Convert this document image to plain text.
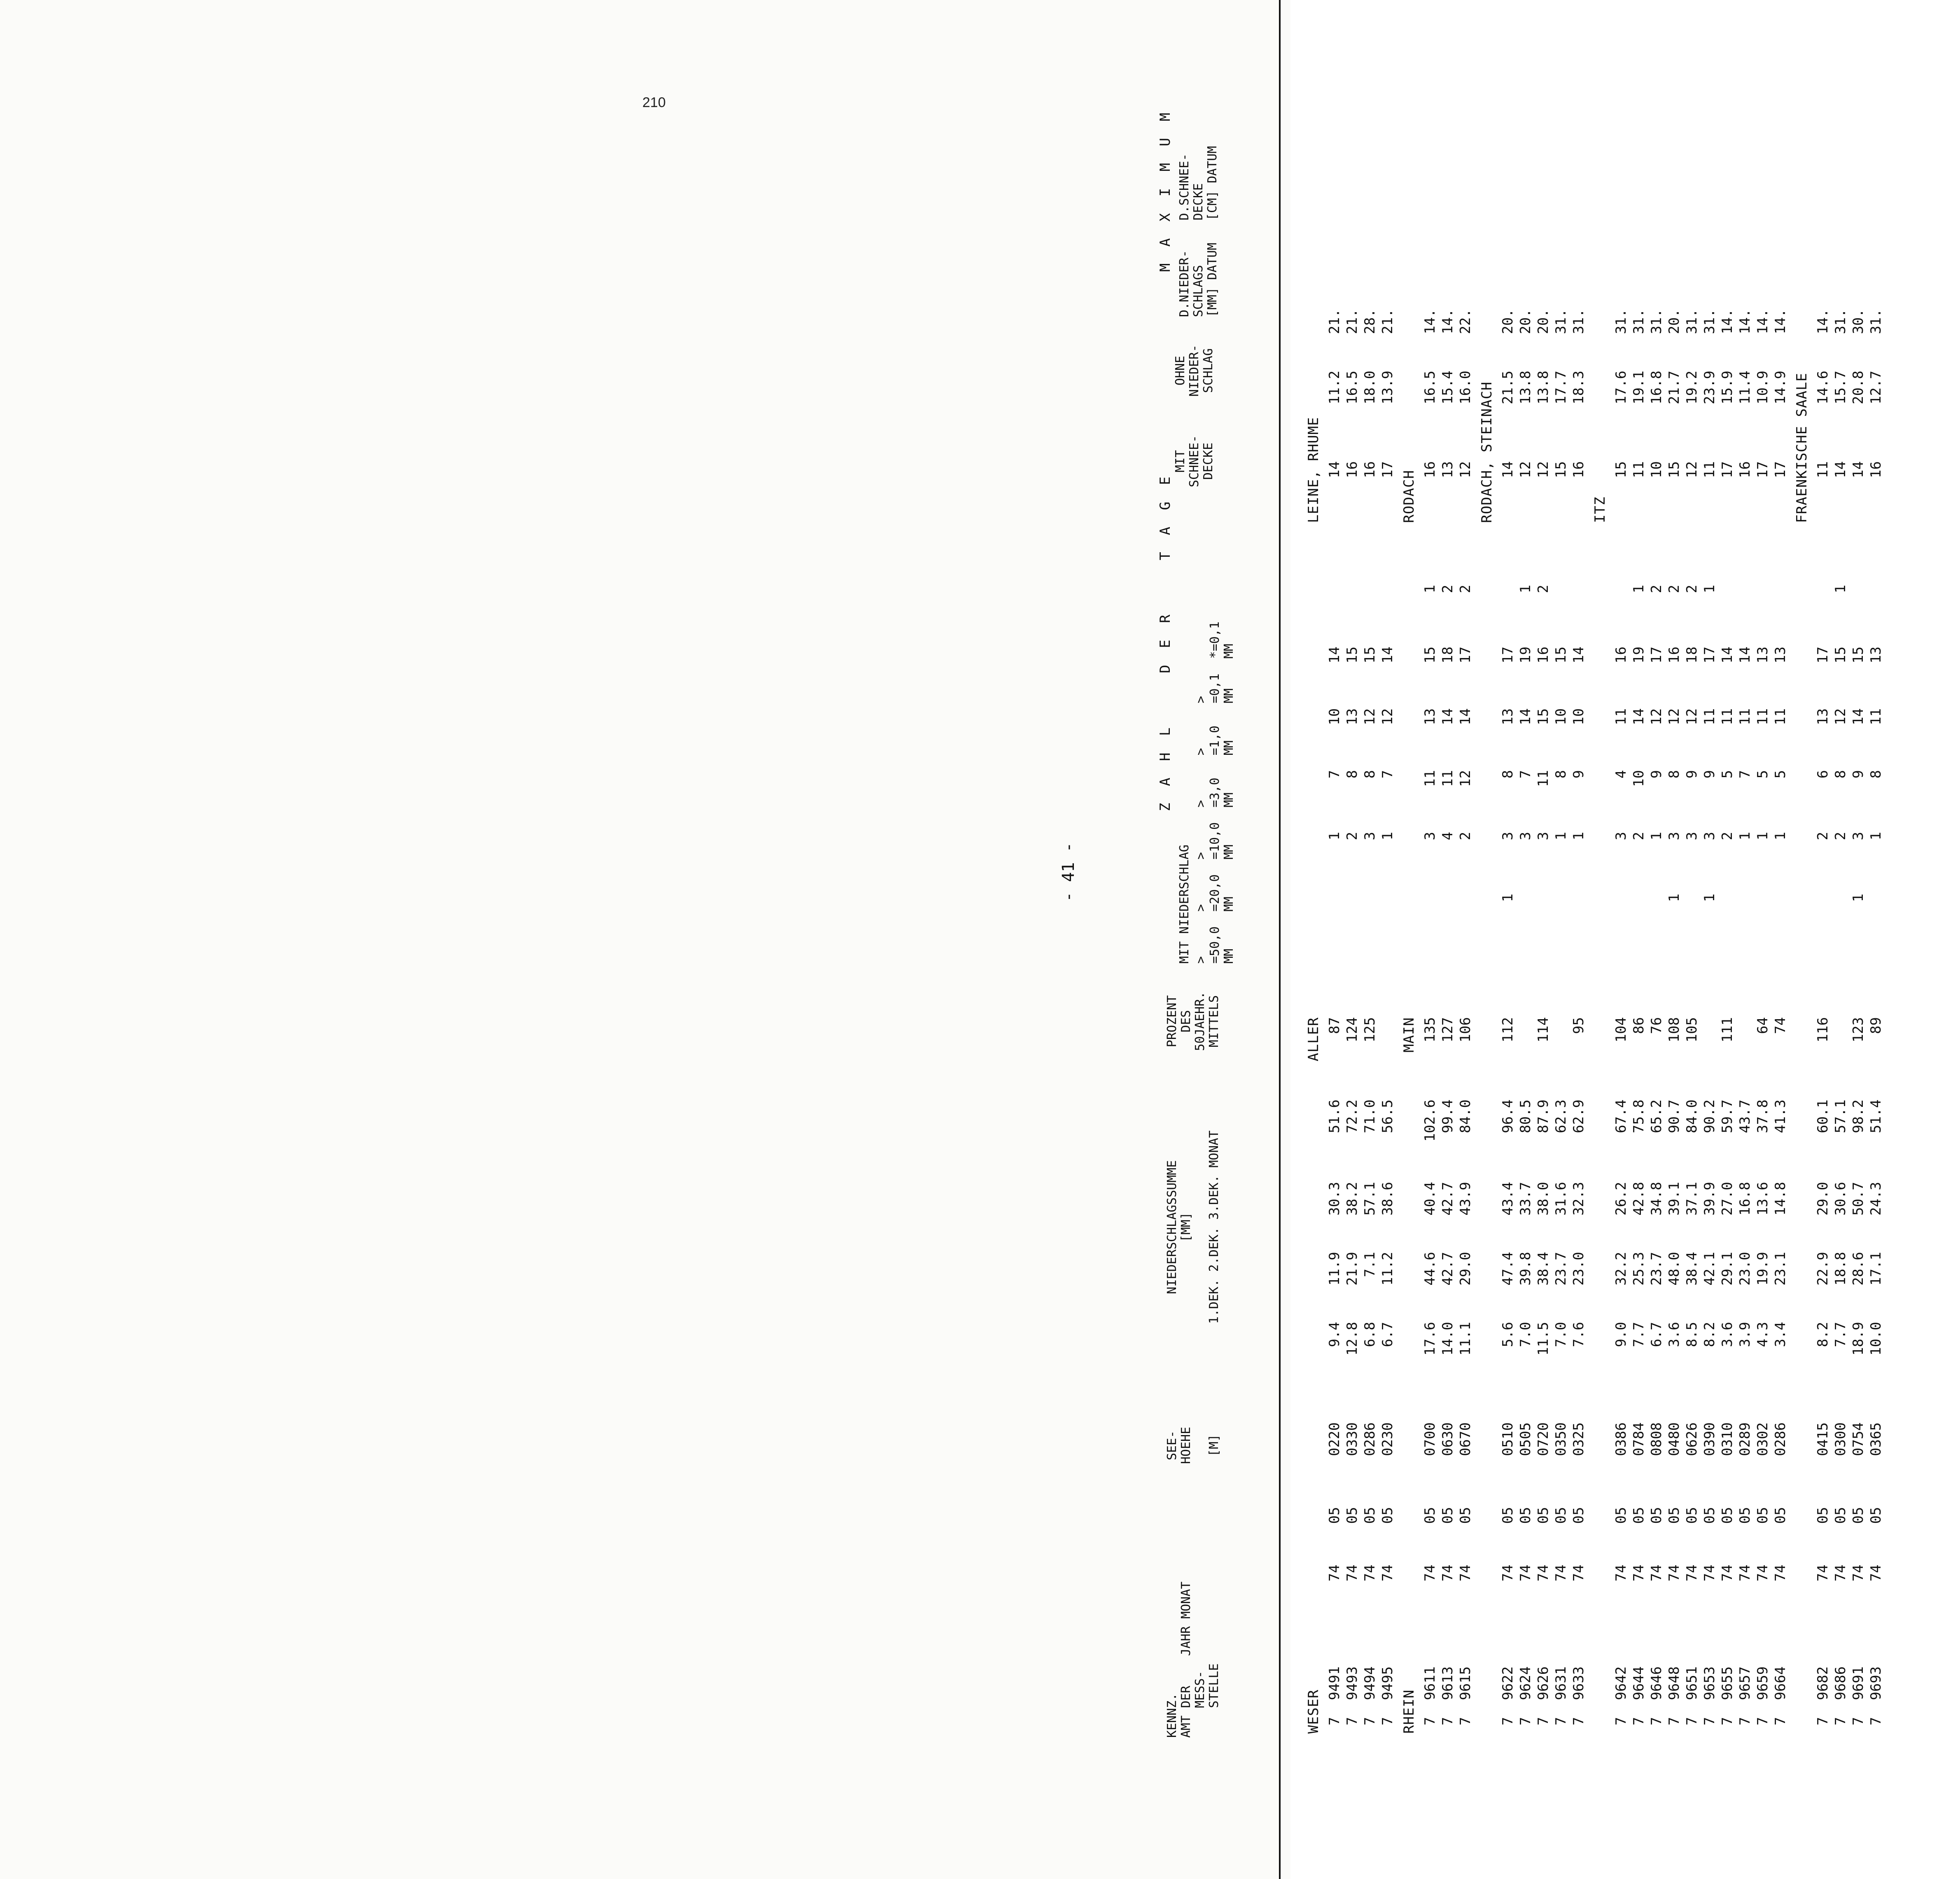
210
- 41 -
KENNZ.
AMT DER    JAHR MONAT
MESS-
STELLE
SEE-
HOEHE

[M]
NIEDERSCHLAGSSUMME
[MM]

1.DEK. 2.DEK. 3.DEK. MONAT
PROZENT
DES
50JAEHR.
MITTELS
Z A H L    D E R    T A G E
MIT NIEDERSCHLAG >      >      >      >      >      >
=50,0  =20,0  =10,0  =3,0   =1,0   =0,1  *=0,1
MM     MM     MM     MM     MM     MM    MM
MIT
SCHNEE-
DECKE
OHNE
NIEDER-
SCHLAG
M A X I M U M
D.NIEDER-    D.SCHNEE-
SCHLAGS      DECKE
[MM] DATUM   [CM] DATUM
WESER								ALLER									LEINE, RHUME		
7  9491	74	05	0220	9.4	11.9	30.3	51.6	87			1	7	10	14			14	11.2	21.
7  9493	74	05	0330	12.8	21.9	38.2	72.2	124			2	8	13	15			16	16.5	21.
7  9494	74	05	0286	6.8	7.1	57.1	71.0	125			3	8	12	15			16	18.0	28.
7  9495	74	05	0230	6.7	11.2	38.6	56.5				1	7	12	14			17	13.9	21.
RHEIN								MAIN									RODACH		
7  9611	74	05	0700	17.6	44.6	40.4	102.6	135			3	11	13	15	1		16	16.5	14.
7  9613	74	05	0630	14.0	42.7	42.7	99.4	127			4	11	14	18	2		13	15.4	14.
7  9615	74	05	0670	11.1	29.0	43.9	84.0	106			2	12	14	17	2		12	16.0	22.
																	RODACH, STEINACH		
7  9622	74	05	0510	5.6	47.4	43.4	96.4	112		1	3	8	13	17			14	21.5	20.
7  9624	74	05	0505	7.0	39.8	33.7	80.5				3	7	14	19	1		12	13.8	20.
7  9626	74	05	0720	11.5	38.4	38.0	87.9	114			3	11	15	16	2		12	13.8	20.
7  9631	74	05	0350	7.0	23.7	31.6	62.3				1	8	10	15			15	17.7	31.
7  9633	74	05	0325	7.6	23.0	32.3	62.9	95			1	9	10	14			16	18.3	31.
																	ITZ		
7  9642	74	05	0386	9.0	32.2	26.2	67.4	104			3	4	11	16			15	17.6	31.
7  9644	74	05	0784	7.7	25.3	42.8	75.8	86			2	10	14	19	1		11	19.1	31.
7  9646	74	05	0808	6.7	23.7	34.8	65.2	76			1	9	12	17	2		10	16.8	31.
7  9648	74	05	0480	3.6	48.0	39.1	90.7	108		1	3	8	12	16	2		15	21.7	20.
7  9651	74	05	0626	8.5	38.4	37.1	84.0	105			3	9	12	18	2		12	19.2	31.
7  9653	74	05	0390	8.2	42.1	39.9	90.2			1	3	9	11	17	1		11	23.9	31.
7  9655	74	05	0310	3.6	29.1	27.0	59.7	111			2	5	11	14			17	15.9	14.
7  9657	74	05	0289	3.9	23.0	16.8	43.7				1	7	11	14			16	11.4	14.
7  9659	74	05	0302	4.3	19.9	13.6	37.8	64			1	5	11	13			17	10.9	14.
7  9664	74	05	0286	3.4	23.1	14.8	41.3	74			1	5	11	13			17	14.9	14.
																	FRAENKISCHE SAALE		
7  9682	74	05	0415	8.2	22.9	29.0	60.1	116			2	6	13	17			11	14.6	14.
7  9686	74	05	0300	7.7	18.8	30.6	57.1				2	8	12	15	1		14	15.7	31.
7  9691	74	05	0754	18.9	28.6	50.7	98.2	123		1	3	9	14	15			14	20.8	30.
7  9693	74	05	0365	10.0	17.1	24.3	51.4	89			1	8	11	13			16	12.7	31.
